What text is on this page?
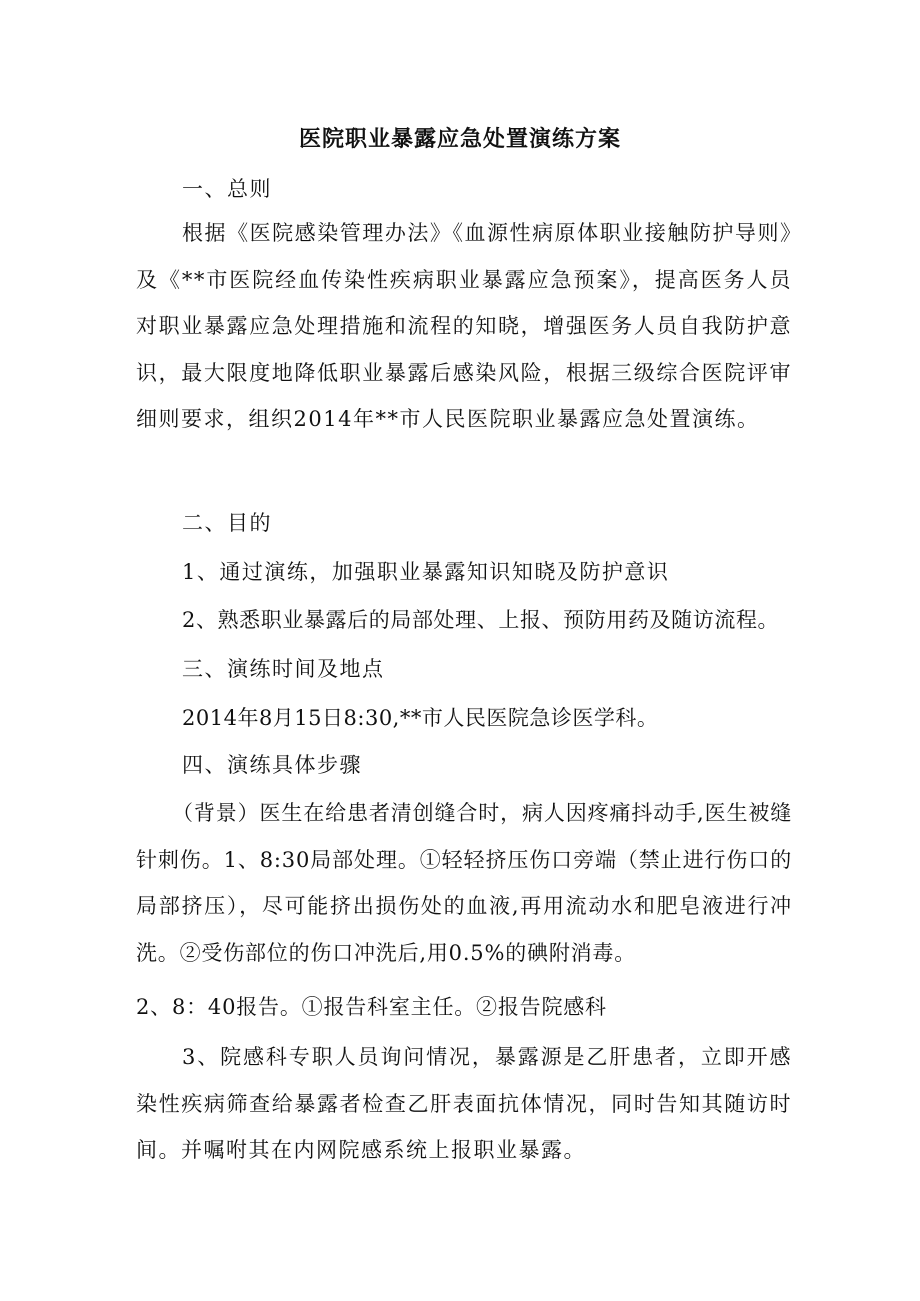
医院职业暴露应急处置演练方案

一、总则

根据《医院感染管理办法》《血源性病原体职业接触防护导则》及《**市医院经血传染性疾病职业暴露应急预案》，提高医务人员对职业暴露应急处理措施和流程的知晓，增强医务人员自我防护意识，最大限度地降低职业暴露后感染风险，根据三级综合医院评审细则要求，组织2014年**市人民医院职业暴露应急处置演练。

二、目的

1、通过演练，加强职业暴露知识知晓及防护意识

2、熟悉职业暴露后的局部处理、上报、预防用药及随访流程。

三、演练时间及地点

2014年8月15日8:30,**市人民医院急诊医学科。

四、演练具体步骤

（背景）医生在给患者清创缝合时，病人因疼痛抖动手,医生被缝针刺伤。1、8:30局部处理。①轻轻挤压伤口旁端（禁止进行伤口的局部挤压），尽可能挤出损伤处的血液,再用流动水和肥皂液进行冲洗。②受伤部位的伤口冲洗后,用0.5%的碘附消毒。

2、8：40报告。①报告科室主任。②报告院感科

3、院感科专职人员询问情况，暴露源是乙肝患者，立即开感染性疾病筛查给暴露者检查乙肝表面抗体情况，同时告知其随访时间。并嘱咐其在内网院感系统上报职业暴露。
